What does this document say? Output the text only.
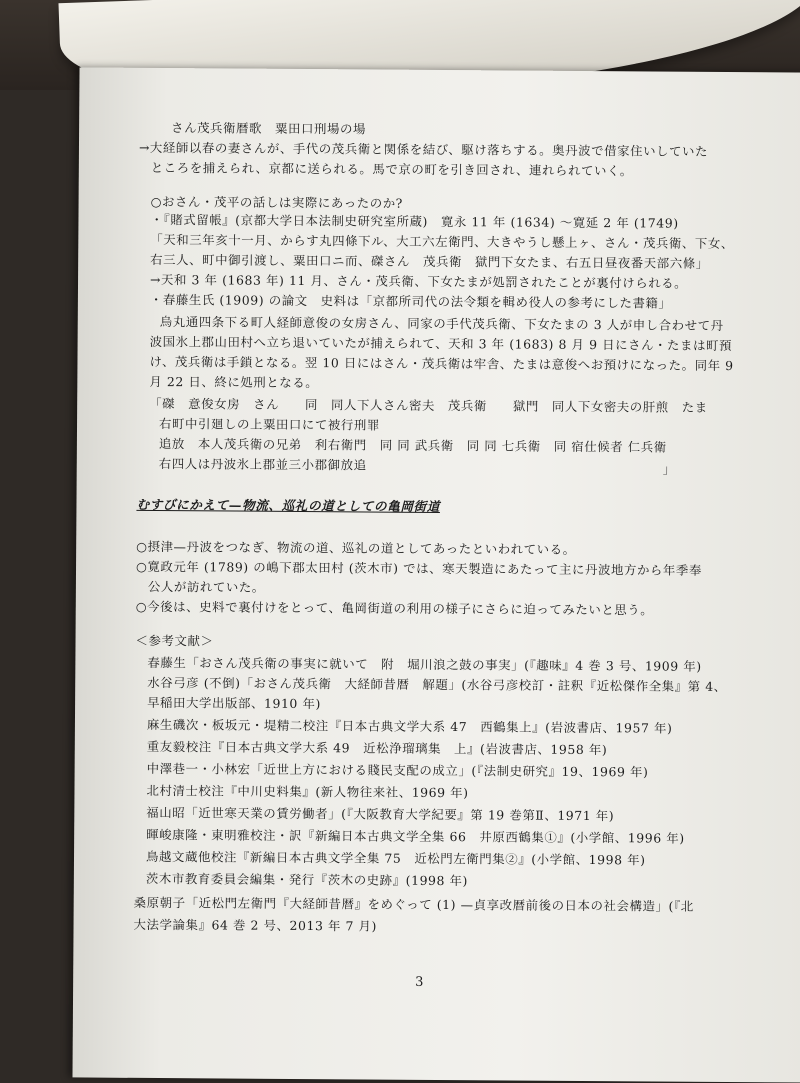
さん茂兵衛暦歌　粟田口刑場の場
→大経師以春の妻さんが、手代の茂兵衛と関係を結び、駆け落ちする。奥丹波で借家住いしていた
ところを捕えられ、京都に送られる。馬で京の町を引き回され、連れられていく。
○おさん・茂平の話しは実際にあったのか?
・『賭式留帳』(京都大学日本法制史研究室所蔵)　寛永 11 年 (1634) ～寛延 2 年 (1749)
「天和三年亥十一月、からす丸四條下ル、大工六左衛門、大きやうし懸上ヶ、さん・茂兵衛、下女、
右三人、町中御引渡し、粟田口ニ而、磔さん　茂兵衛　獄門下女たま、右五日昼夜番天部六條」
→天和 3 年 (1683 年) 11 月、さん・茂兵衛、下女たまが処罰されたことが裏付けられる。
・春藤生氏 (1909) の論文　史料は「京都所司代の法令類を輯め役人の参考にした書籍」
烏丸通四条下る町人経師意俊の女房さん、同家の手代茂兵衛、下女たまの 3 人が申し合わせて丹
波国氷上郡山田村へ立ち退いていたが捕えられて、天和 3 年 (1683) 8 月 9 日にさん・たまは町預
け、茂兵衛は手鎖となる。翌 10 日にはさん・茂兵衛は牢舎、たまは意俊へお預けになった。同年 9
月 22 日、終に処刑となる。
「磔　意俊女房　さん　　同　同人下人さん密夫　茂兵衛　　獄門　同人下女密夫の肝煎　たま
右町中引廻しの上粟田口にて被行刑罪
追放　本人茂兵衛の兄弟　利右衛門　同 同 武兵衛　同 同 七兵衛　同 宿仕候者 仁兵衛
右四人は丹波氷上郡並三小郡御放追	」
むすびにかえて—物流、巡礼の道としての亀岡街道
○摂津—丹波をつなぎ、物流の道、巡礼の道としてあったといわれている。
○寛政元年 (1789) の嶋下郡太田村 (茨木市) では、寒天製造にあたって主に丹波地方から年季奉
公人が訪れていた。
○今後は、史料で裏付けをとって、亀岡街道の利用の様子にさらに迫ってみたいと思う。
＜参考文献＞
春藤生「おさん茂兵衛の事実に就いて　附　堀川浪之鼓の事実」(『趣味』4 巻 3 号、1909 年)
水谷弓彦 (不倒)「おさん茂兵衛　大経師昔暦　解題」(水谷弓彦校訂・註釈『近松傑作全集』第 4、
早稲田大学出版部、1910 年)
麻生磯次・板坂元・堤精二校注『日本古典文学大系 47　西鶴集上』(岩波書店、1957 年)
重友毅校注『日本古典文学大系 49　近松浄瑠璃集　上』(岩波書店、1958 年)
中澤巷一・小林宏「近世上方における賤民支配の成立」(『法制史研究』19、1969 年)
北村清士校注『中川史料集』(新人物往来社、1969 年)
福山昭「近世寒天業の賃労働者」(『大阪教育大学紀要』第 19 巻第Ⅱ、1971 年)
暉峻康隆・東明雅校注・訳『新編日本古典文学全集 66　井原西鶴集①』(小学館、1996 年)
鳥越文蔵他校注『新編日本古典文学全集 75　近松門左衛門集②』(小学館、1998 年)
茨木市教育委員会編集・発行『茨木の史跡』(1998 年)
桑原朝子「近松門左衛門『大経師昔暦』をめぐって (1) —貞享改暦前後の日本の社会構造」(『北
大法学論集』64 巻 2 号、2013 年 7 月)
3
